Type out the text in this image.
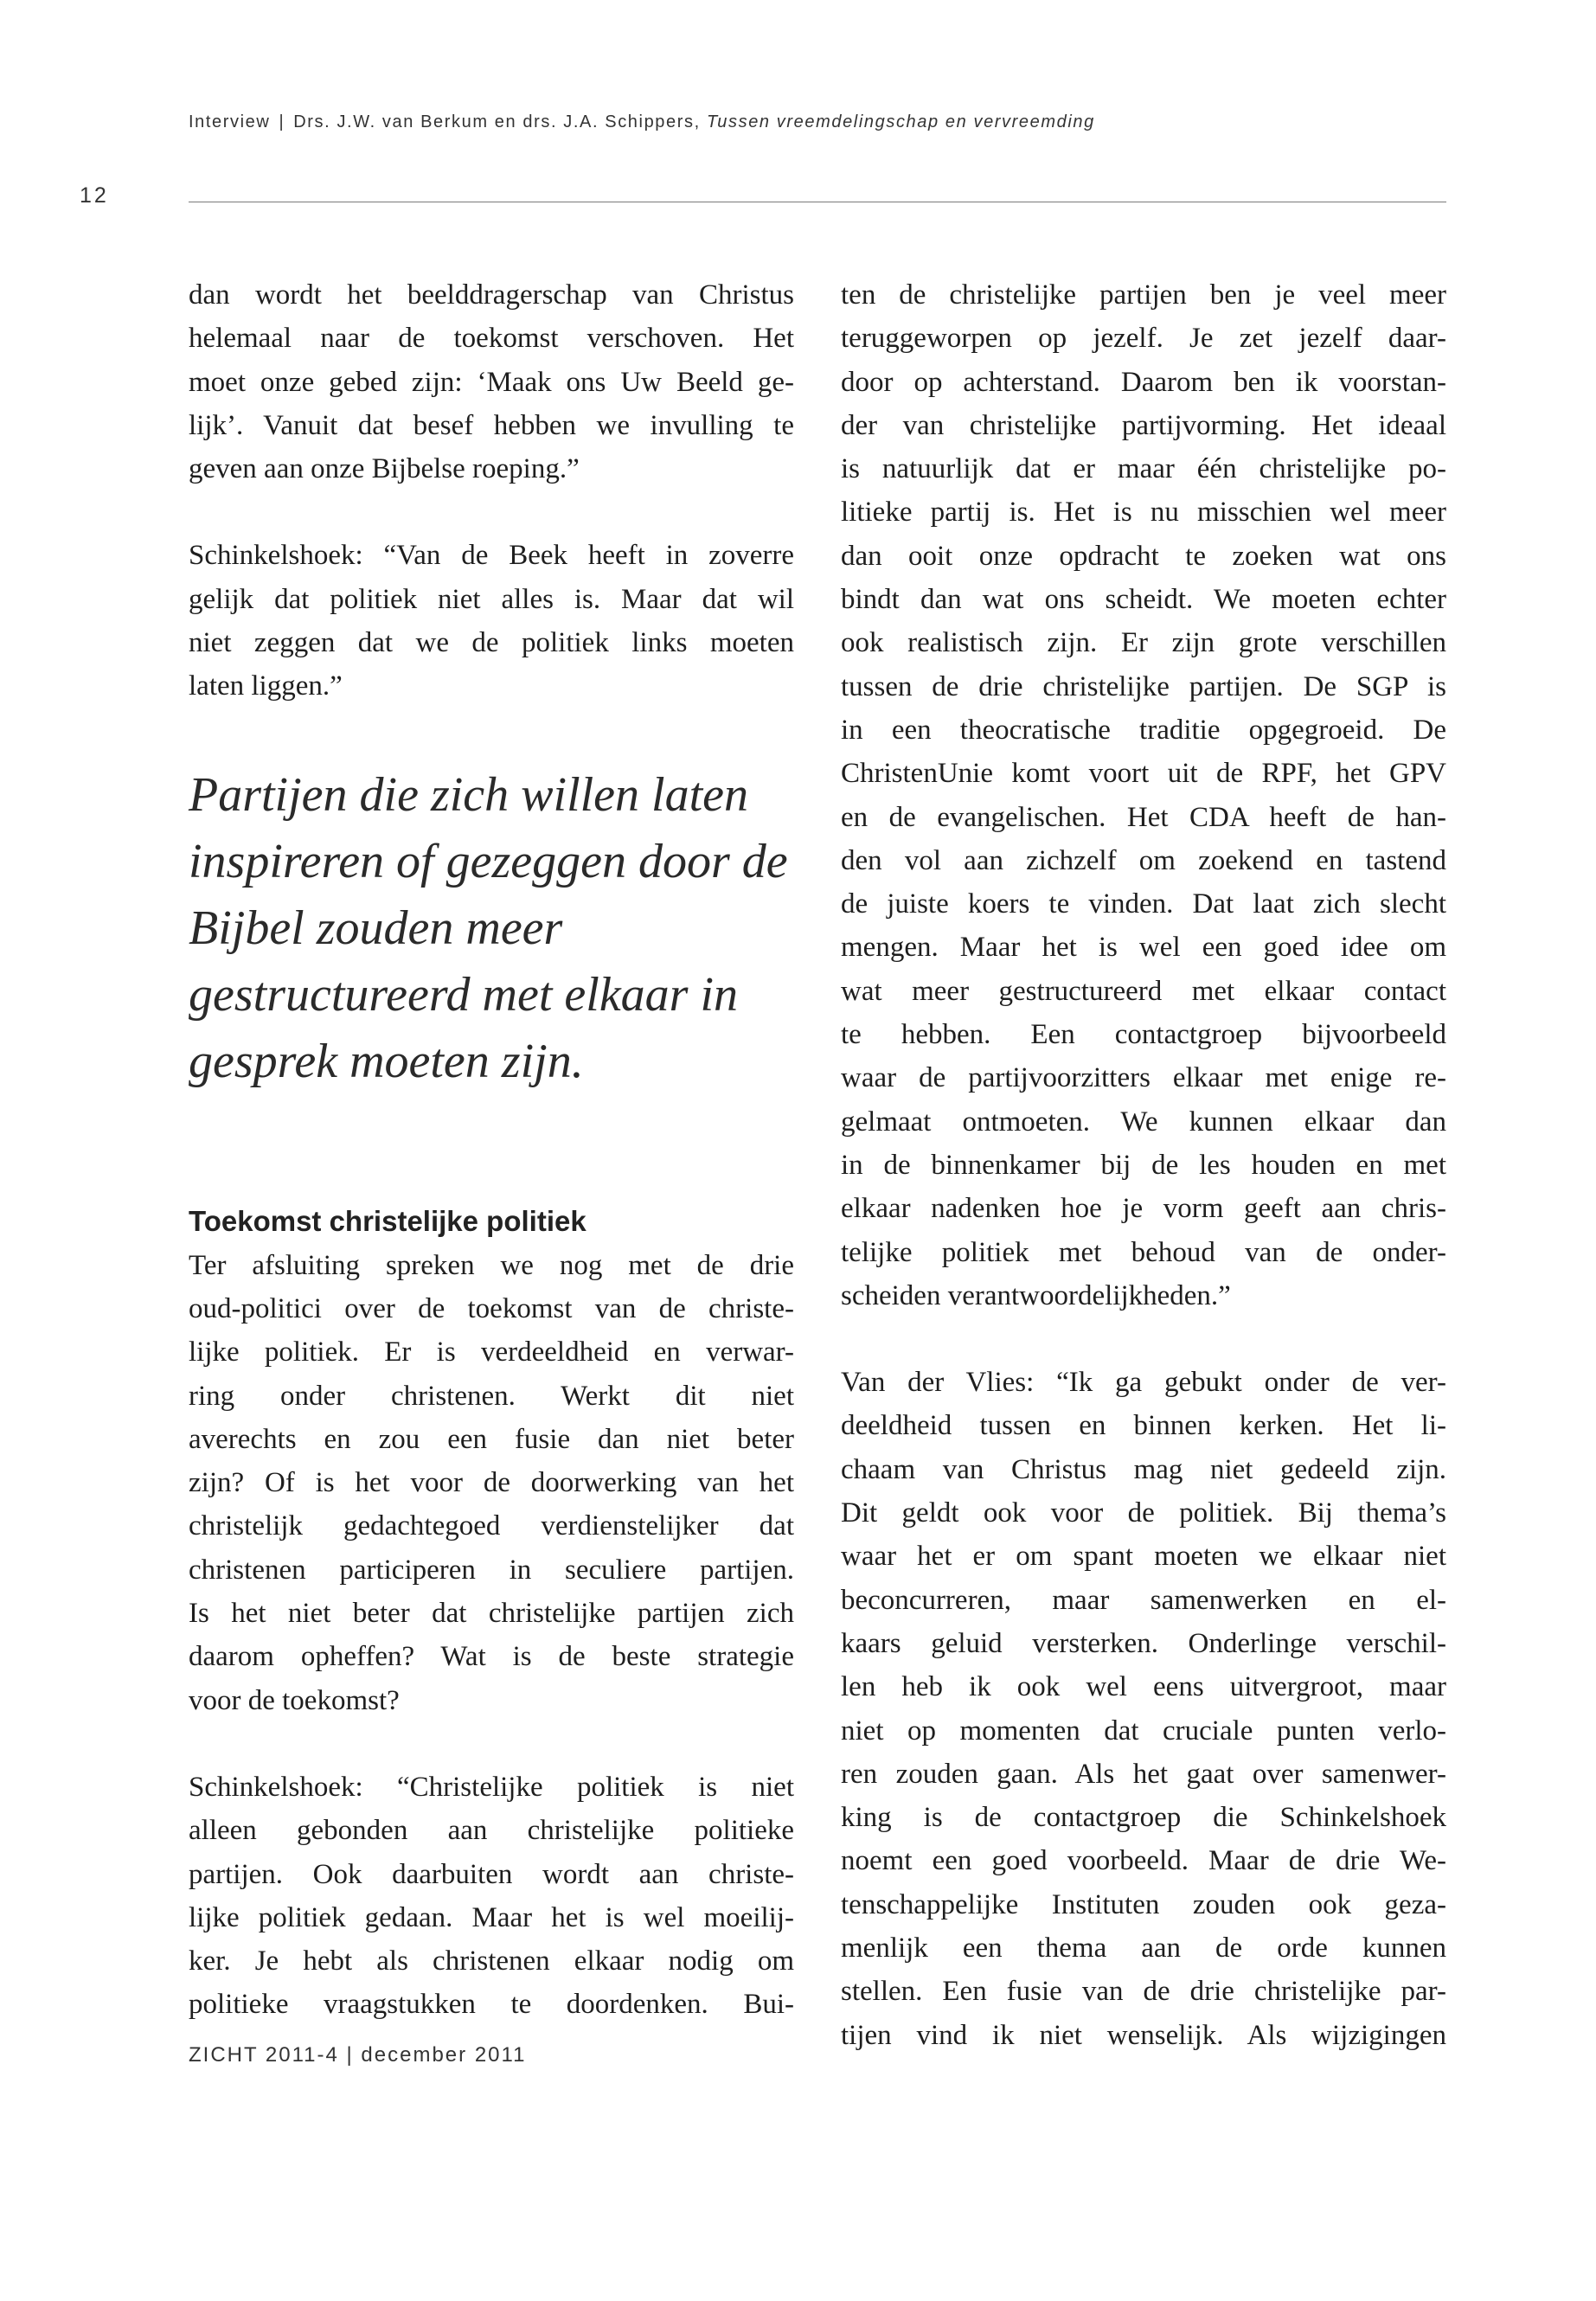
Interview | Drs. J.W. van Berkum en drs. J.A. Schippers, Tussen vreemdelingschap en vervreemding
12
dan wordt het beelddragerschap van Christus
helemaal naar de toekomst verschoven. Het
moet onze gebed zijn: ‘Maak ons Uw Beeld ge-
lijk’. Vanuit dat besef hebben we invulling te
geven aan onze Bijbelse roeping.”
Schinkelshoek: “Van de Beek heeft in zoverre
gelijk dat politiek niet alles is. Maar dat wil
niet zeggen dat we de politiek links moeten
laten liggen.”
Partijen die zich willen laten
inspireren of gezeggen door de
Bijbel zouden meer
gestructureerd met elkaar in
gesprek moeten zijn.
Toekomst christelijke politiek
Ter afsluiting spreken we nog met de drie
oud-politici over de toekomst van de christe-
lijke politiek. Er is verdeeldheid en verwar-
ring onder christenen. Werkt dit niet
averechts en zou een fusie dan niet beter
zijn? Of is het voor de doorwerking van het
christelijk gedachtegoed verdienstelijker dat
christenen participeren in seculiere partijen.
Is het niet beter dat christelijke partijen zich
daarom opheffen? Wat is de beste strategie
voor de toekomst?
Schinkelshoek: “Christelijke politiek is niet
alleen gebonden aan christelijke politieke
partijen. Ook daarbuiten wordt aan christe-
lijke politiek gedaan. Maar het is wel moeilij-
ker. Je hebt als christenen elkaar nodig om
politieke vraagstukken te doordenken. Bui-
ten de christelijke partijen ben je veel meer
teruggeworpen op jezelf. Je zet jezelf daar-
door op achterstand. Daarom ben ik voorstan-
der van christelijke partijvorming. Het ideaal
is natuurlijk dat er maar één christelijke po-
litieke partij is. Het is nu misschien wel meer
dan ooit onze opdracht te zoeken wat ons
bindt dan wat ons scheidt. We moeten echter
ook realistisch zijn. Er zijn grote verschillen
tussen de drie christelijke partijen. De SGP is
in een theocratische traditie opgegroeid. De
ChristenUnie komt voort uit de RPF, het GPV
en de evangelischen. Het CDA heeft de han-
den vol aan zichzelf om zoekend en tastend
de juiste koers te vinden. Dat laat zich slecht
mengen. Maar het is wel een goed idee om
wat meer gestructureerd met elkaar contact
te hebben. Een contactgroep bijvoorbeeld
waar de partijvoorzitters elkaar met enige re-
gelmaat ontmoeten. We kunnen elkaar dan
in de binnenkamer bij de les houden en met
elkaar nadenken hoe je vorm geeft aan chris-
telijke politiek met behoud van de onder-
scheiden verantwoordelijkheden.”
Van der Vlies: “Ik ga gebukt onder de ver-
deeldheid tussen en binnen kerken. Het li-
chaam van Christus mag niet gedeeld zijn.
Dit geldt ook voor de politiek. Bij thema’s
waar het er om spant moeten we elkaar niet
beconcurreren, maar samenwerken en el-
kaars geluid versterken. Onderlinge verschil-
len heb ik ook wel eens uitvergroot, maar
niet op momenten dat cruciale punten verlo-
ren zouden gaan. Als het gaat over samenwer-
king is de contactgroep die Schinkelshoek
noemt een goed voorbeeld. Maar de drie We-
tenschappelijke Instituten zouden ook geza-
menlijk een thema aan de orde kunnen
stellen. Een fusie van de drie christelijke par-
tijen vind ik niet wenselijk. Als wijzigingen
ZICHT 2011-4 | december 2011
